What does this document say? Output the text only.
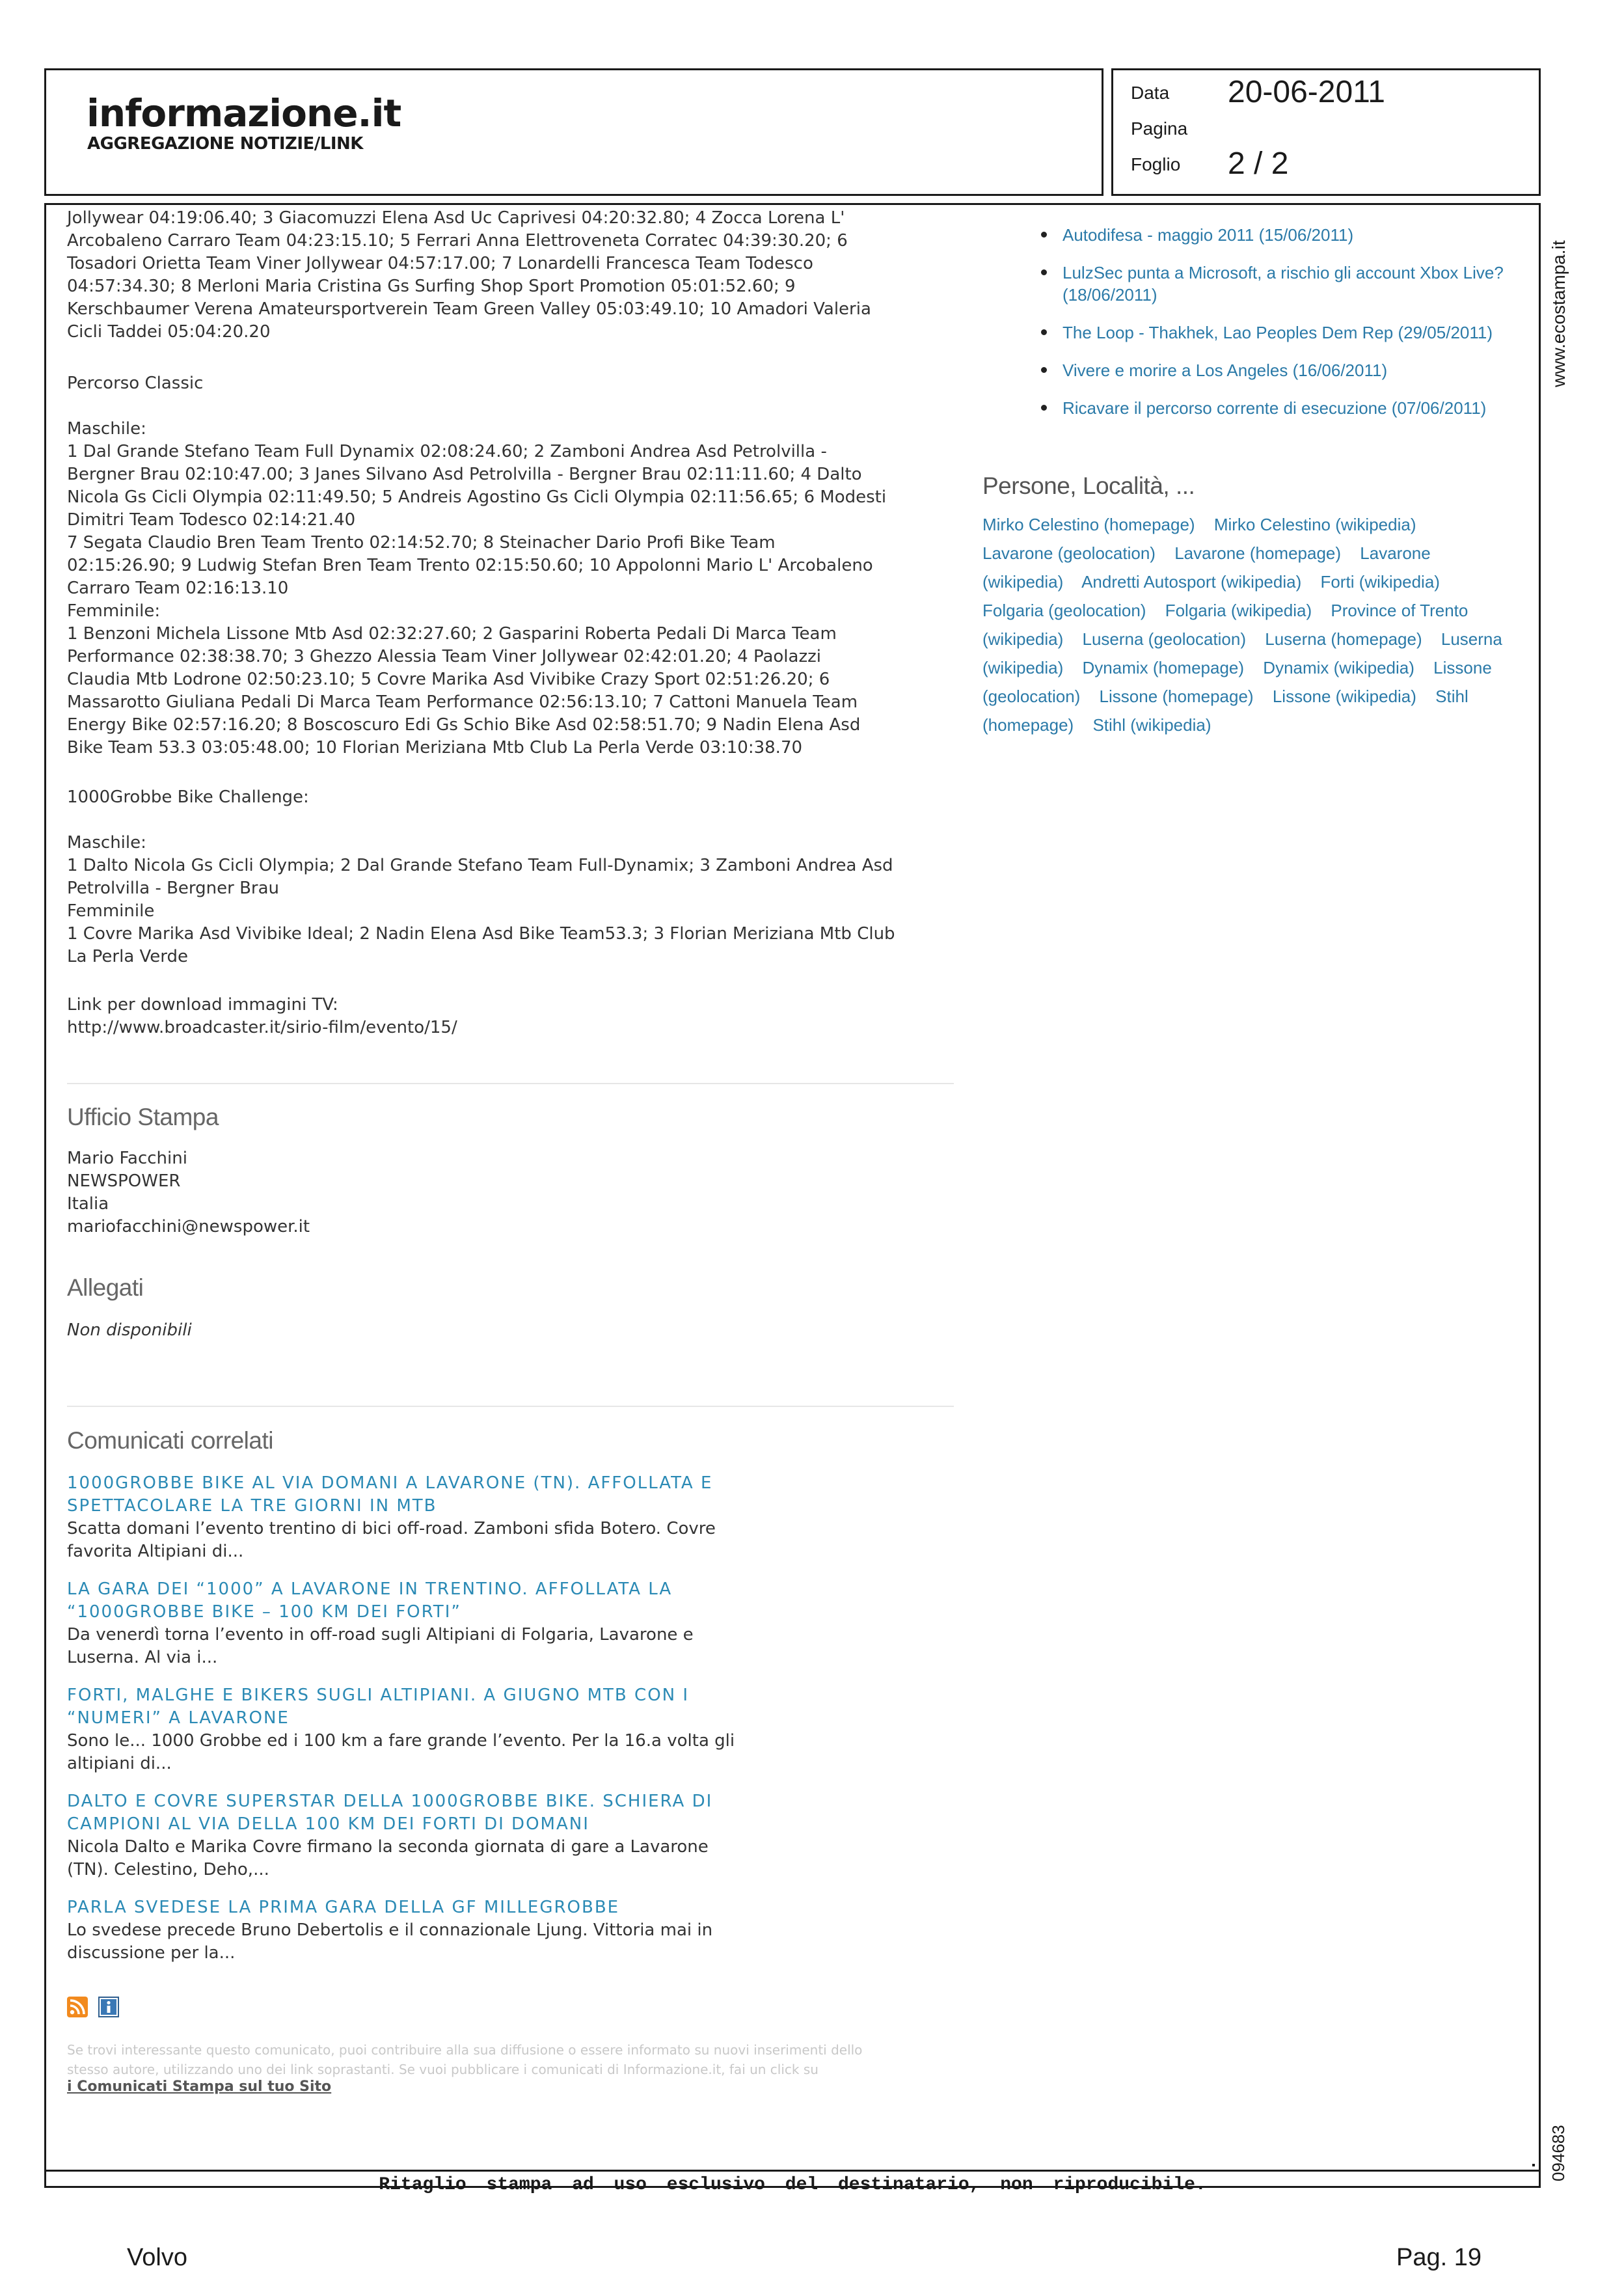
informazione.it
AGGREGAZIONE NOTIZIE/LINK
Data 20-06-2011
Pagina
Foglio 2 / 2
www.ecostampa.it
094683
Jollywear 04:19:06.40; 3 Giacomuzzi Elena Asd Uc Caprivesi 04:20:32.80; 4 Zocca Lorena L'
Arcobaleno Carraro Team 04:23:15.10; 5 Ferrari Anna Elettroveneta Corratec 04:39:30.20; 6
Tosadori Orietta Team Viner Jollywear 04:57:17.00; 7 Lonardelli Francesca Team Todesco
04:57:34.30; 8 Merloni Maria Cristina Gs Surfing Shop Sport Promotion 05:01:52.60; 9
Kerschbaumer Verena Amateursportverein Team Green Valley 05:03:49.10; 10 Amadori Valeria
Cicli Taddei 05:04:20.20
Percorso Classic
Maschile:
1 Dal Grande Stefano Team Full Dynamix 02:08:24.60; 2 Zamboni Andrea Asd Petrolvilla -
Bergner Brau 02:10:47.00; 3 Janes Silvano Asd Petrolvilla - Bergner Brau 02:11:11.60; 4 Dalto
Nicola Gs Cicli Olympia 02:11:49.50; 5 Andreis Agostino Gs Cicli Olympia 02:11:56.65; 6 Modesti
Dimitri Team Todesco 02:14:21.40
7 Segata Claudio Bren Team Trento 02:14:52.70; 8 Steinacher Dario Profi Bike Team
02:15:26.90; 9 Ludwig Stefan Bren Team Trento 02:15:50.60; 10 Appolonni Mario L' Arcobaleno
Carraro Team 02:16:13.10
Femminile:
1 Benzoni Michela Lissone Mtb Asd 02:32:27.60; 2 Gasparini Roberta Pedali Di Marca Team
Performance 02:38:38.70; 3 Ghezzo Alessia Team Viner Jollywear 02:42:01.20; 4 Paolazzi
Claudia Mtb Lodrone 02:50:23.10; 5 Covre Marika Asd Vivibike Crazy Sport 02:51:26.20; 6
Massarotto Giuliana Pedali Di Marca Team Performance 02:56:13.10; 7 Cattoni Manuela Team
Energy Bike 02:57:16.20; 8 Boscoscuro Edi Gs Schio Bike Asd 02:58:51.70; 9 Nadin Elena Asd
Bike Team 53.3 03:05:48.00; 10 Florian Meriziana Mtb Club La Perla Verde 03:10:38.70
1000Grobbe Bike Challenge:
Maschile:
1 Dalto Nicola Gs Cicli Olympia; 2 Dal Grande Stefano Team Full-Dynamix; 3 Zamboni Andrea Asd
Petrolvilla - Bergner Brau
Femminile
1 Covre Marika Asd Vivibike Ideal; 2 Nadin Elena Asd Bike Team53.3; 3 Florian Meriziana Mtb Club
La Perla Verde
Link per download immagini TV:
http://www.broadcaster.it/sirio-film/evento/15/
Ufficio Stampa
Mario Facchini
NEWSPOWER
Italia
mariofacchini@newspower.it
Allegati
Non disponibili
Comunicati correlati
1000GROBBE BIKE AL VIA DOMANI A LAVARONE (TN). AFFOLLATA E
SPETTACOLARE LA TRE GIORNI IN MTB
Scatta domani l’evento trentino di bici off-road. Zamboni sfida Botero. Covre
favorita Altipiani di...
LA GARA DEI “1000” A LAVARONE IN TRENTINO. AFFOLLATA LA
“1000GROBBE BIKE – 100 KM DEI FORTI”
Da venerdì torna l’evento in off-road sugli Altipiani di Folgaria, Lavarone e
Luserna. Al via i...
FORTI, MALGHE E BIKERS SUGLI ALTIPIANI. A GIUGNO MTB CON I
“NUMERI” A LAVARONE
Sono le... 1000 Grobbe ed i 100 km a fare grande l’evento. Per la 16.a volta gli
altipiani di...
DALTO E COVRE SUPERSTAR DELLA 1000GROBBE BIKE. SCHIERA DI
CAMPIONI AL VIA DELLA 100 KM DEI FORTI DI DOMANI
Nicola Dalto e Marika Covre firmano la seconda giornata di gare a Lavarone
(TN). Celestino, Deho,...
PARLA SVEDESE LA PRIMA GARA DELLA GF MILLEGROBBE
Lo svedese precede Bruno Debertolis e il connazionale Ljung. Vittoria mai in
discussione per la...
Se trovi interessante questo comunicato, puoi contribuire alla sua diffusione o essere informato su nuovi inserimenti dello
stesso autore, utilizzando uno dei link soprastanti. Se vuoi pubblicare i comunicati di Informazione.it, fai un click su
i Comunicati Stampa sul tuo Sito
Autodifesa - maggio 2011 (15/06/2011)
LulzSec punta a Microsoft, a rischio gli account Xbox Live?
(18/06/2011)
The Loop - Thakhek, Lao Peoples Dem Rep (29/05/2011)
Vivere e morire a Los Angeles (16/06/2011)
Ricavare il percorso corrente di esecuzione (07/06/2011)
Persone, Località, ...
Mirko Celestino (homepage) Mirko Celestino (wikipedia) Lavarone (geolocation) Lavarone (homepage) Lavarone (wikipedia) Andretti Autosport (wikipedia) Forti (wikipedia) Folgaria (geolocation) Folgaria (wikipedia) Province of Trento (wikipedia) Luserna (geolocation) Luserna (homepage) Luserna (wikipedia) Dynamix (homepage) Dynamix (wikipedia) Lissone (geolocation) Lissone (homepage) Lissone (wikipedia) Stihl (homepage) Stihl (wikipedia)
Ritaglio stampa ad uso esclusivo del destinatario, non riproducibile.
Volvo	Pag. 19
